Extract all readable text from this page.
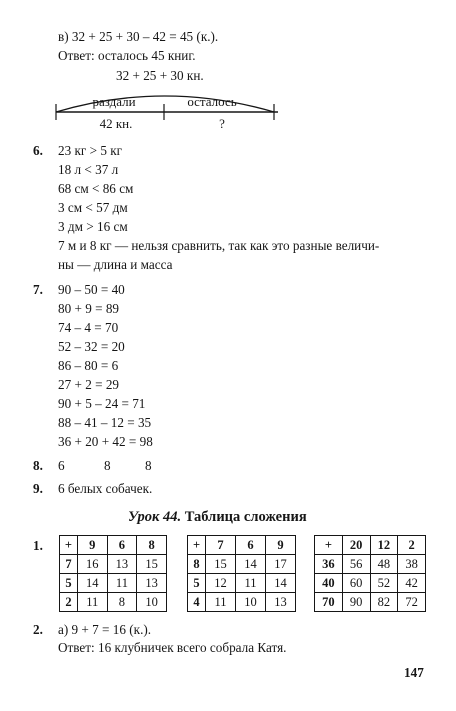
в) 32 + 25 + 30 – 42 = 45 (к.).
Ответ: осталось 45 книг.
32 + 25 + 30 кн.
раздали	осталось
42 кн.	?
6. 23 кг > 5 кг
18 л < 37 л
68 см < 86 см
3 см < 57 дм
3 дм > 16 см
7 м и 8 кг — нельзя сравнить, так как это разные величи-
ны — длина и масса
7. 90 – 50 = 40
80 + 9 = 89
74 – 4 = 70
52 – 32 = 20
86 – 80 = 6
27 + 2 = 29
90 + 5 – 24 = 71
88 – 41 – 12 = 35
36 + 20 + 42 = 98
8. 6	8	8
9. 6 белых собачек.
Урок 44. Таблица сложения
1. +	9	6	8
7	16	13	15
5	14	11	13
2	11	8	10
+	7	6	9
8	15	14	17
5	12	11	14
4	11	10	13
+	20	12	2
36	56	48	38
40	60	52	42
70	90	82	72
2. а) 9 + 7 = 16 (к.).
Ответ: 16 клубничек всего собрала Катя.
147
